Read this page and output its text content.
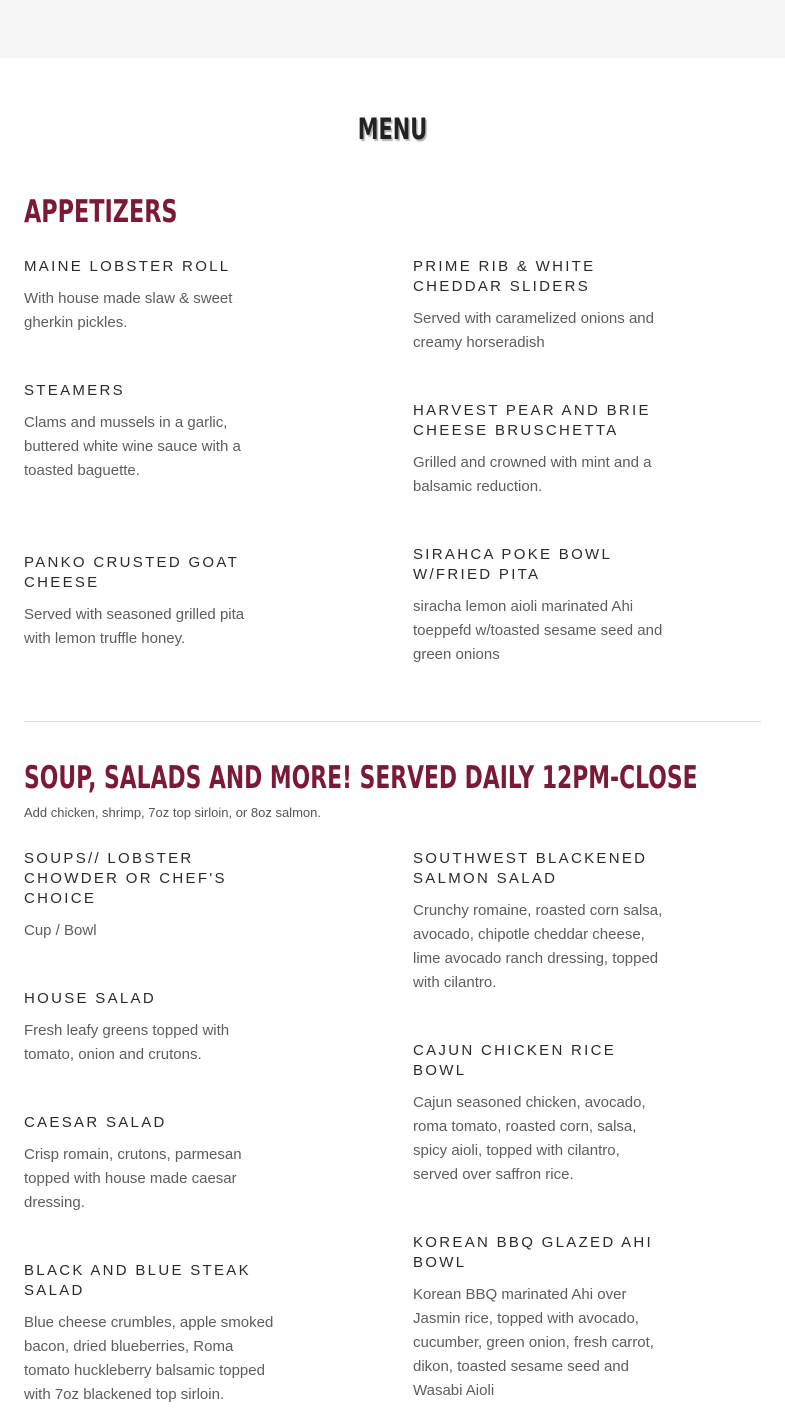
MENU
APPETIZERS
MAINE LOBSTER ROLL
With house made slaw & sweet gherkin pickles.
PRIME RIB & WHITE CHEDDAR SLIDERS
Served with caramelized onions and creamy horseradish
STEAMERS
Clams and mussels in a garlic, buttered white wine sauce with a toasted baguette.
HARVEST PEAR AND BRIE CHEESE BRUSCHETTA
Grilled and crowned with mint and a balsamic reduction.
PANKO CRUSTED GOAT CHEESE
Served with seasoned grilled pita with lemon truffle honey.
SIRAHCA POKE BOWL W/FRIED PITA
siracha lemon aioli marinated Ahi toeppefd w/toasted sesame seed and green onions
SOUP, SALADS AND MORE! SERVED DAILY 12PM-CLOSE
Add chicken, shrimp, 7oz top sirloin, or 8oz salmon.
SOUPS// LOBSTER CHOWDER OR CHEF'S CHOICE
Cup / Bowl
SOUTHWEST BLACKENED SALMON SALAD
Crunchy romaine, roasted corn salsa, avocado, chipotle cheddar cheese, lime avocado ranch dressing, topped with cilantro.
HOUSE SALAD
Fresh leafy greens topped with tomato, onion and crutons.	CAJUN CHICKEN RICE BOWL
Cajun seasoned chicken, avocado, roma tomato, roasted corn, salsa, spicy aioli, topped with cilantro, served over saffron rice.
CAESAR SALAD
Crisp romain, crutons, parmesan topped with house made caesar dressing.
KOREAN BBQ GLAZED AHI BOWL
Korean BBQ marinated Ahi over Jasmin rice, topped with avocado, cucumber, green onion, fresh carrot, dikon, toasted sesame seed and Wasabi Aioli
BLACK AND BLUE STEAK SALAD
Blue cheese crumbles, apple smoked bacon, dried blueberries, Roma tomato huckleberry balsamic topped with 7oz blackened top sirloin.
